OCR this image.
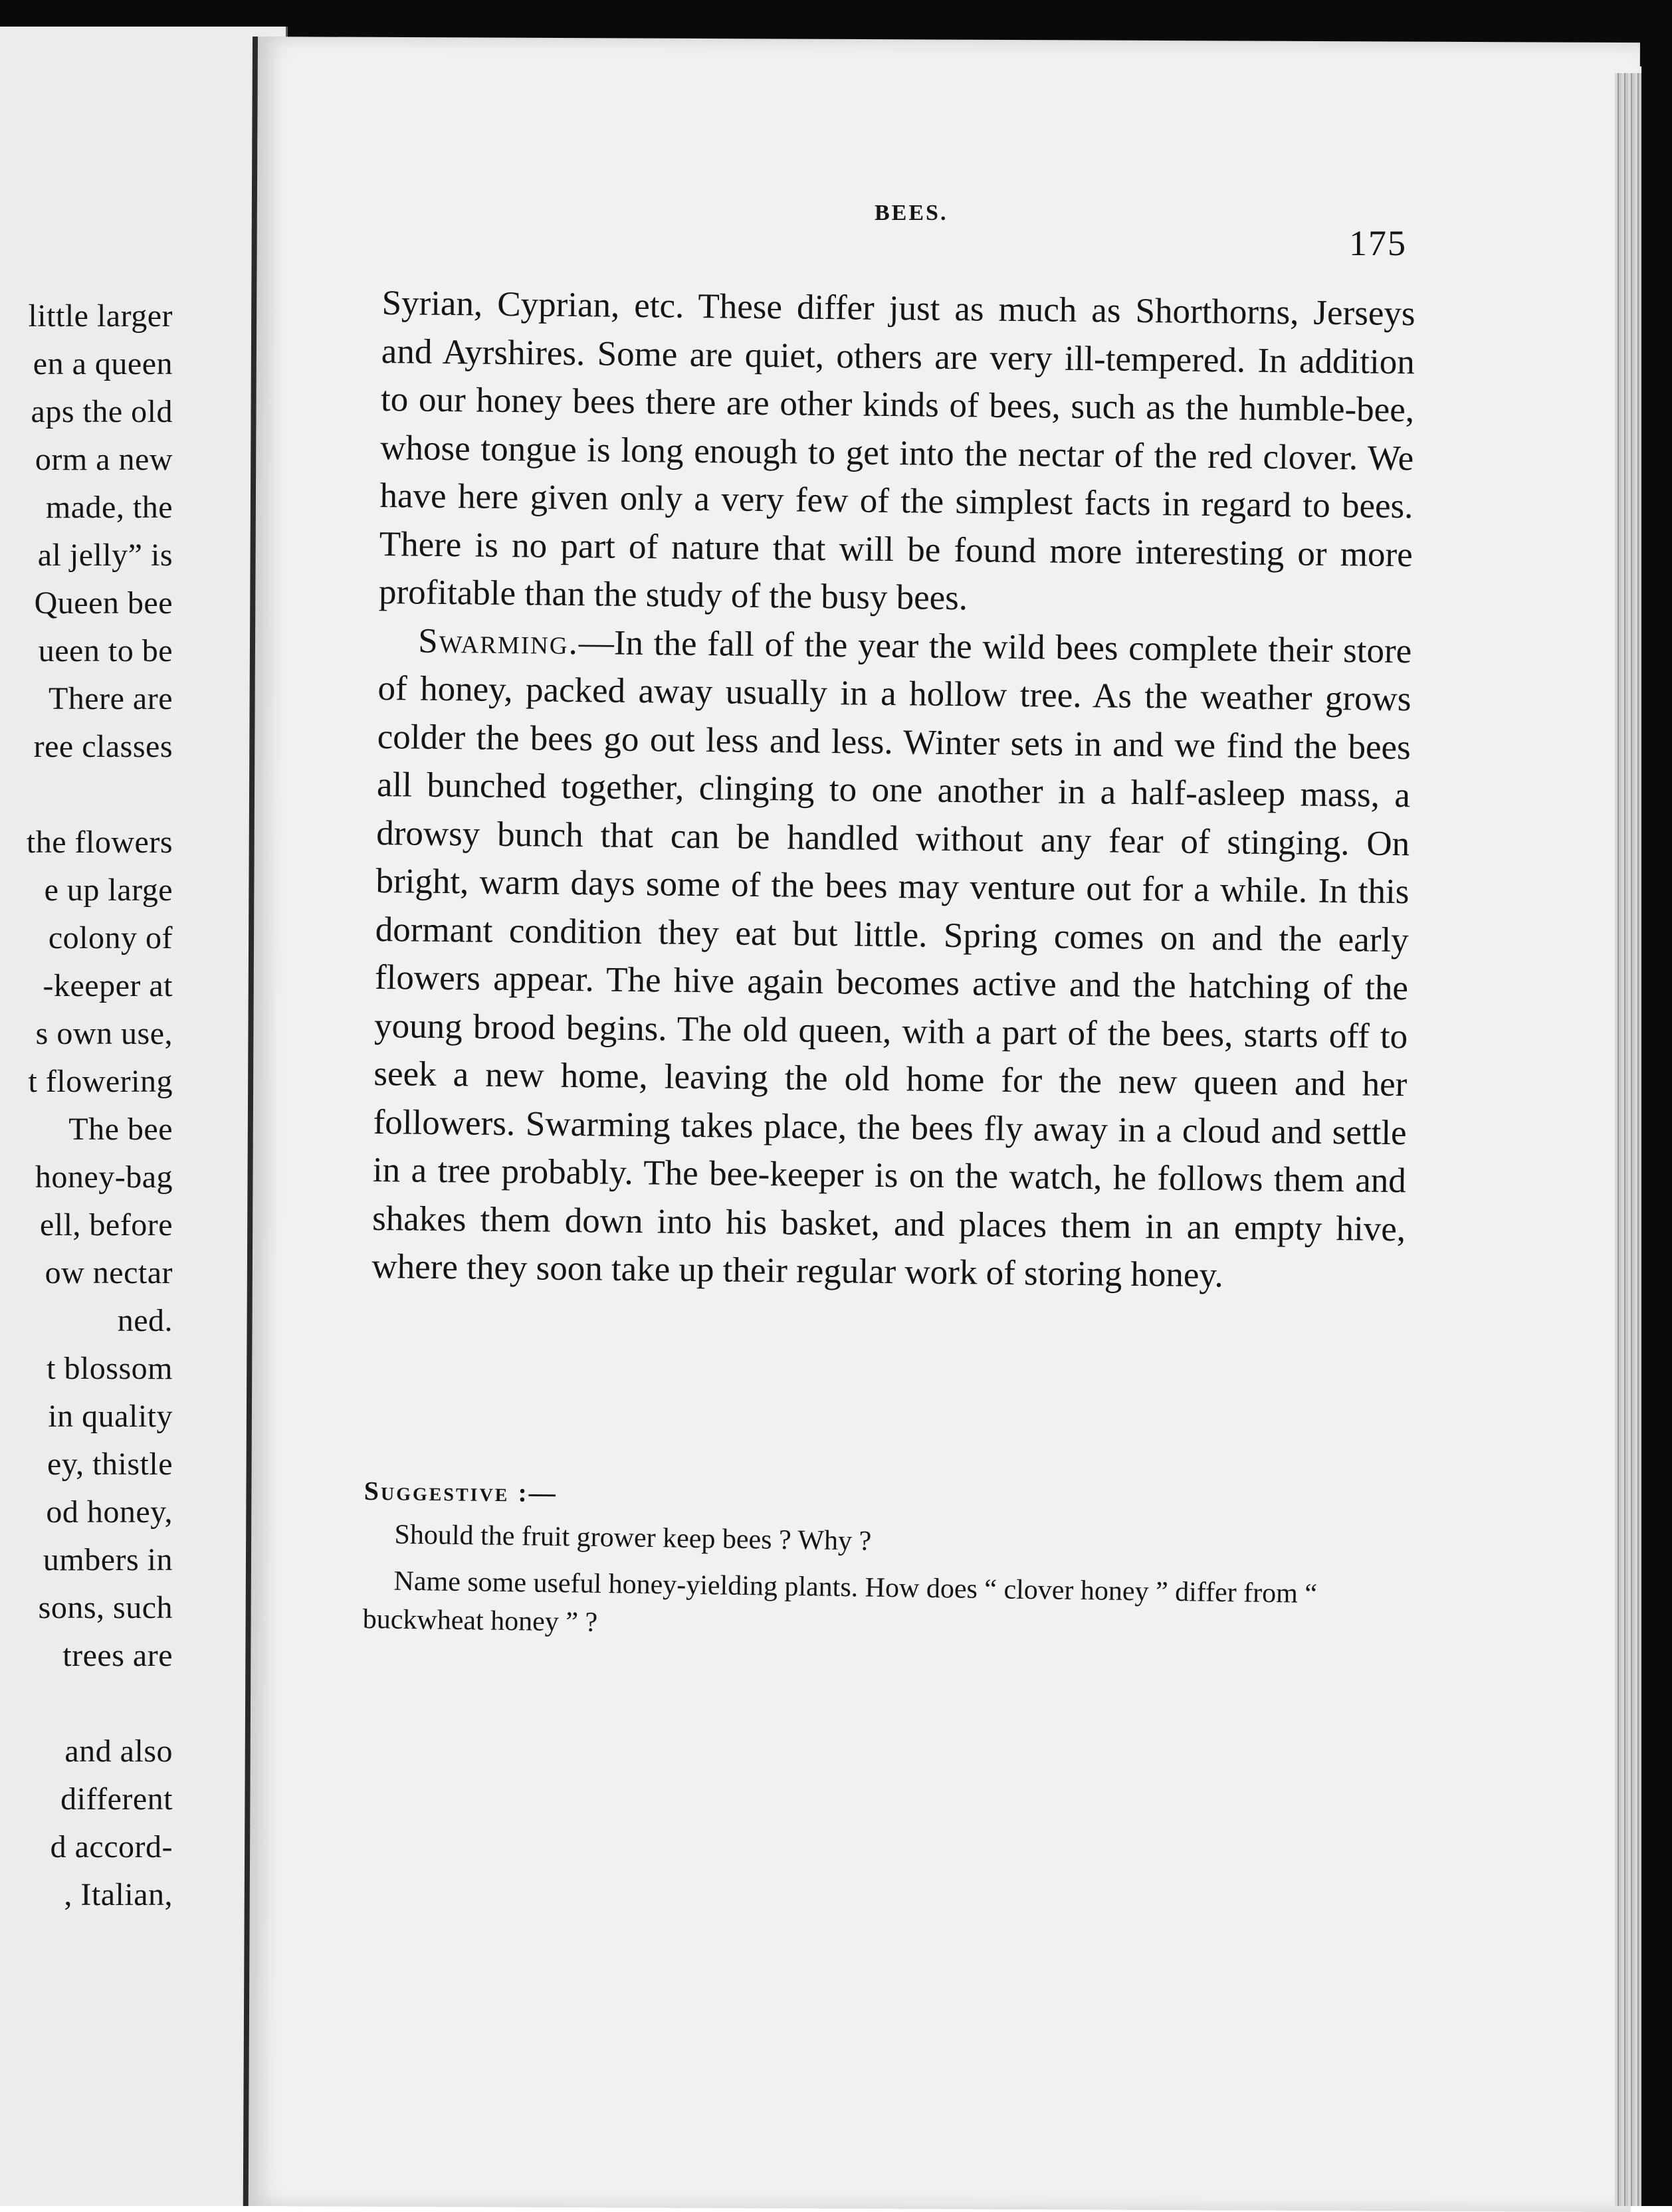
little larger
en a queen
aps the old
orm a new
made, the
al jelly” is
Queen bee
ueen to be
There are
ree classes
the flowers
e up large
colony of
-keeper at
s own use,
t flowering
The bee
honey-bag
ell, before
ow nectar
ned.
t blossom
in quality
ey, thistle
od honey,
umbers in
sons, such
trees are
and also
different
d accord-
, Italian,
BEES.
175

Syrian, Cyprian, etc. These differ just as much as Shorthorns, Jerseys and Ayrshires. Some are quiet, others are very ill-tempered. In addition to our honey bees there are other kinds of bees, such as the humble-bee, whose tongue is long enough to get into the nectar of the red clover. We have here given only a very few of the simplest facts in regard to bees. There is no part of nature that will be found more interesting or more profitable than the study of the busy bees.

Swarming.—In the fall of the year the wild bees complete their store of honey, packed away usually in a hollow tree. As the weather grows colder the bees go out less and less. Winter sets in and we find the bees all bunched together, clinging to one another in a half-asleep mass, a drowsy bunch that can be handled without any fear of stinging. On bright, warm days some of the bees may venture out for a while. In this dormant condition they eat but little. Spring comes on and the early flowers appear. The hive again becomes active and the hatching of the young brood begins. The old queen, with a part of the bees, starts off to seek a new home, leaving the old home for the new queen and her followers. Swarming takes place, the bees fly away in a cloud and settle in a tree probably. The bee-keeper is on the watch, he follows them and shakes them down into his basket, and places them in an empty hive, where they soon take up their regular work of storing honey.

Suggestive :—

Should the fruit grower keep bees ? Why ?

Name some useful honey-yielding plants. How does “ clover honey ” differ from “ buckwheat honey ” ?
